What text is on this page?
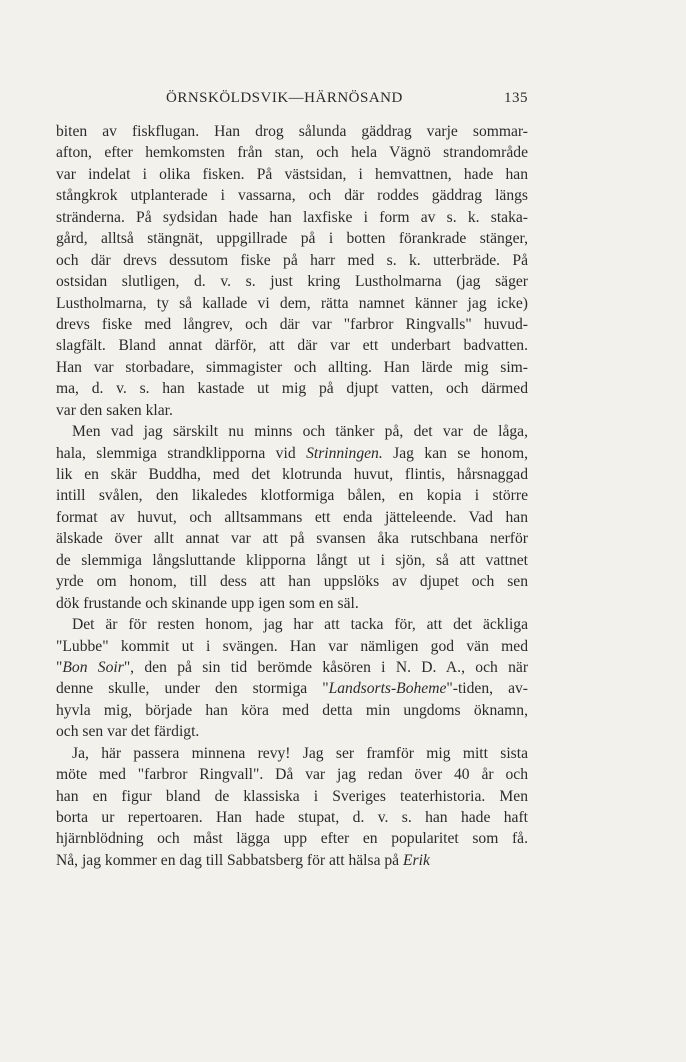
ÖRNSKÖLDSVIK—HÄRNÖSAND	135

biten av fiskflugan. Han drog sålunda gäddrag varje sommar-
afton, efter hemkomsten från stan, och hela Vägnö strandområde
var indelat i olika fisken. På västsidan, i hemvattnen, hade han
stångkrok utplanterade i vassarna, och där roddes gäddrag längs
stränderna. På sydsidan hade han laxfiske i form av s. k. staka-
gård, alltså stängnät, uppgillrade på i botten förankrade stänger,
och där drevs dessutom fiske på harr med s. k. utterbräde. På
ostsidan slutligen, d. v. s. just kring Lustholmarna (jag säger
Lustholmarna, ty så kallade vi dem, rätta namnet känner jag icke)
drevs fiske med långrev, och där var "farbror Ringvalls" huvud-
slagfält. Bland annat därför, att där var ett underbart badvatten.
Han var storbadare, simmagister och allting. Han lärde mig sim-
ma, d. v. s. han kastade ut mig på djupt vatten, och därmed
var den saken klar.

Men vad jag särskilt nu minns och tänker på, det var de låga,
hala, slemmiga strandklipporna vid Strinningen. Jag kan se honom,
lik en skär Buddha, med det klotrunda huvut, flintis, hårsnaggad
intill svålen, den likaledes klotformiga bålen, en kopia i större
format av huvut, och alltsammans ett enda jätteleende. Vad han
älskade över allt annat var att på svansen åka rutschbana nerför
de slemmiga långsluttande klipporna långt ut i sjön, så att vattnet
yrde om honom, till dess att han uppslöks av djupet och sen
dök frustande och skinande upp igen som en säl.

Det är för resten honom, jag har att tacka för, att det äckliga
"Lubbe" kommit ut i svängen. Han var nämligen god vän med
"Bon Soir", den på sin tid berömde kåsören i N. D. A., och när
denne skulle, under den stormiga "Landsorts-Boheme"-tiden, av-
hyvla mig, började han köra med detta min ungdoms öknamn,
och sen var det färdigt.

Ja, här passera minnena revy! Jag ser framför mig mitt sista
möte med "farbror Ringvall". Då var jag redan över 40 år och
han en figur bland de klassiska i Sveriges teaterhistoria. Men
borta ur repertoaren. Han hade stupat, d. v. s. han hade haft
hjärnblödning och måst lägga upp efter en popularitet som få.
Nå, jag kommer en dag till Sabbatsberg för att hälsa på Erik
